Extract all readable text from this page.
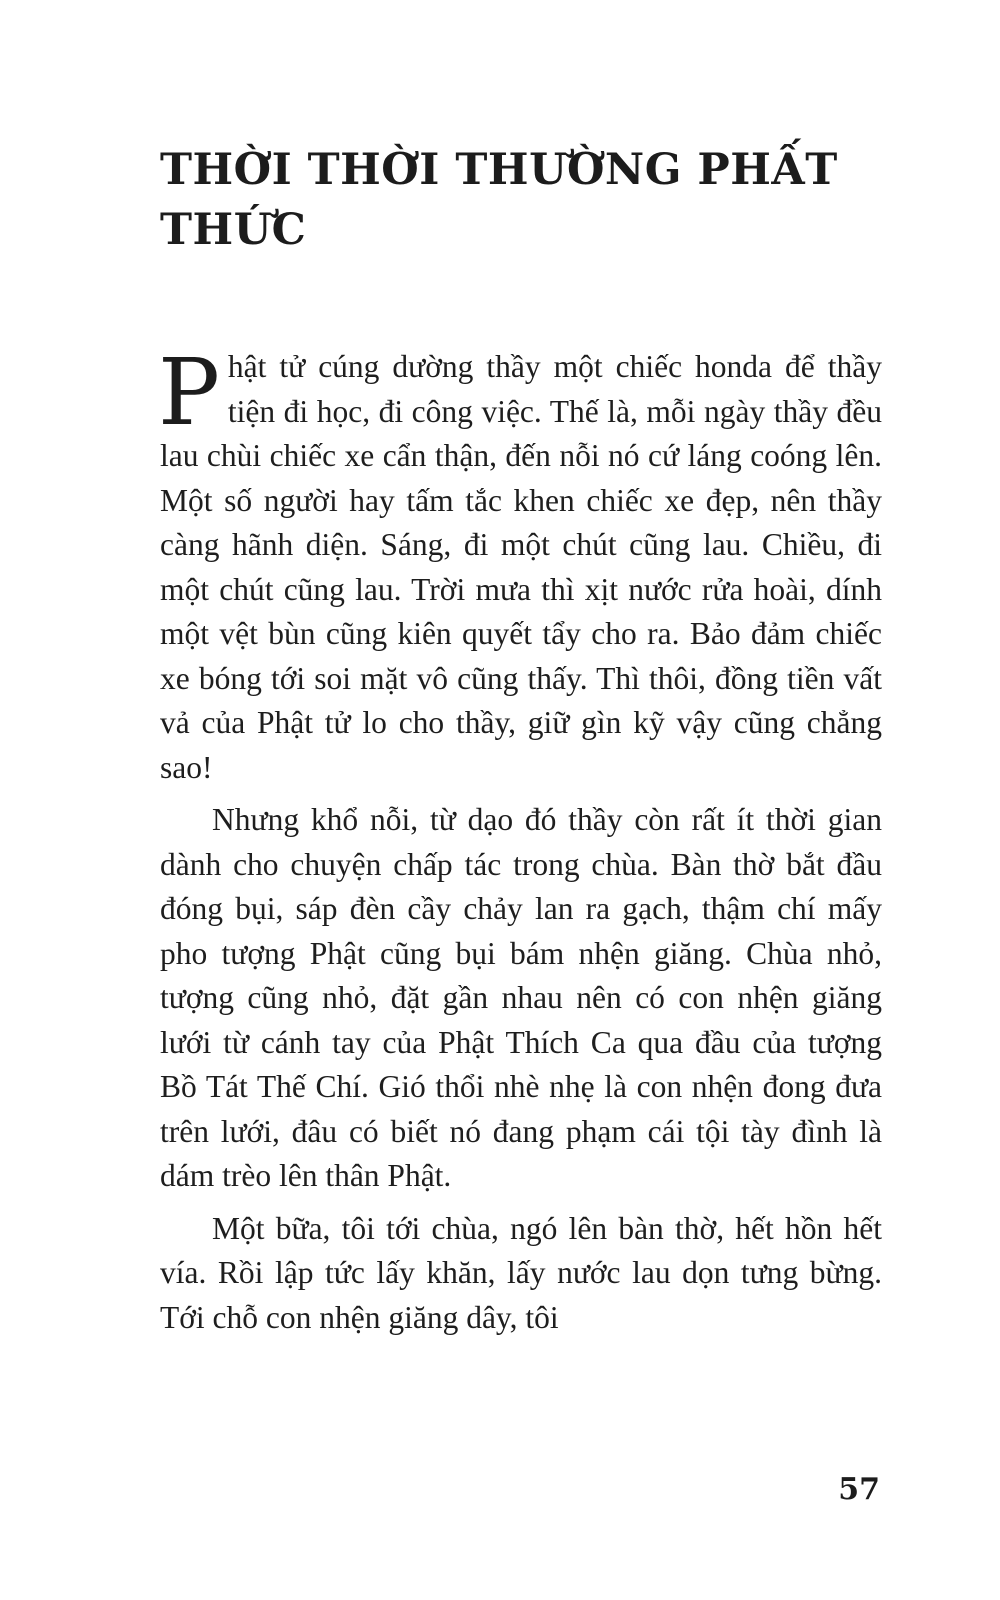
THỜI THỜI THƯỜNG PHẤT THỨC

Phật tử cúng dường thầy một chiếc honda để thầy tiện đi học, đi công việc. Thế là, mỗi ngày thầy đều lau chùi chiếc xe cẩn thận, đến nỗi nó cứ láng coóng lên. Một số người hay tấm tắc khen chiếc xe đẹp, nên thầy càng hãnh diện. Sáng, đi một chút cũng lau. Chiều, đi một chút cũng lau. Trời mưa thì xịt nước rửa hoài, dính một vệt bùn cũng kiên quyết tẩy cho ra. Bảo đảm chiếc xe bóng tới soi mặt vô cũng thấy. Thì thôi, đồng tiền vất vả của Phật tử lo cho thầy, giữ gìn kỹ vậy cũng chẳng sao!

Nhưng khổ nỗi, từ dạo đó thầy còn rất ít thời gian dành cho chuyện chấp tác trong chùa. Bàn thờ bắt đầu đóng bụi, sáp đèn cầy chảy lan ra gạch, thậm chí mấy pho tượng Phật cũng bụi bám nhện giăng. Chùa nhỏ, tượng cũng nhỏ, đặt gần nhau nên có con nhện giăng lưới từ cánh tay của Phật Thích Ca qua đầu của tượng Bồ Tát Thế Chí. Gió thổi nhè nhẹ là con nhện đong đưa trên lưới, đâu có biết nó đang phạm cái tội tày đình là dám trèo lên thân Phật.

Một bữa, tôi tới chùa, ngó lên bàn thờ, hết hồn hết vía. Rồi lập tức lấy khăn, lấy nước lau dọn tưng bừng. Tới chỗ con nhện giăng dây, tôi

57
